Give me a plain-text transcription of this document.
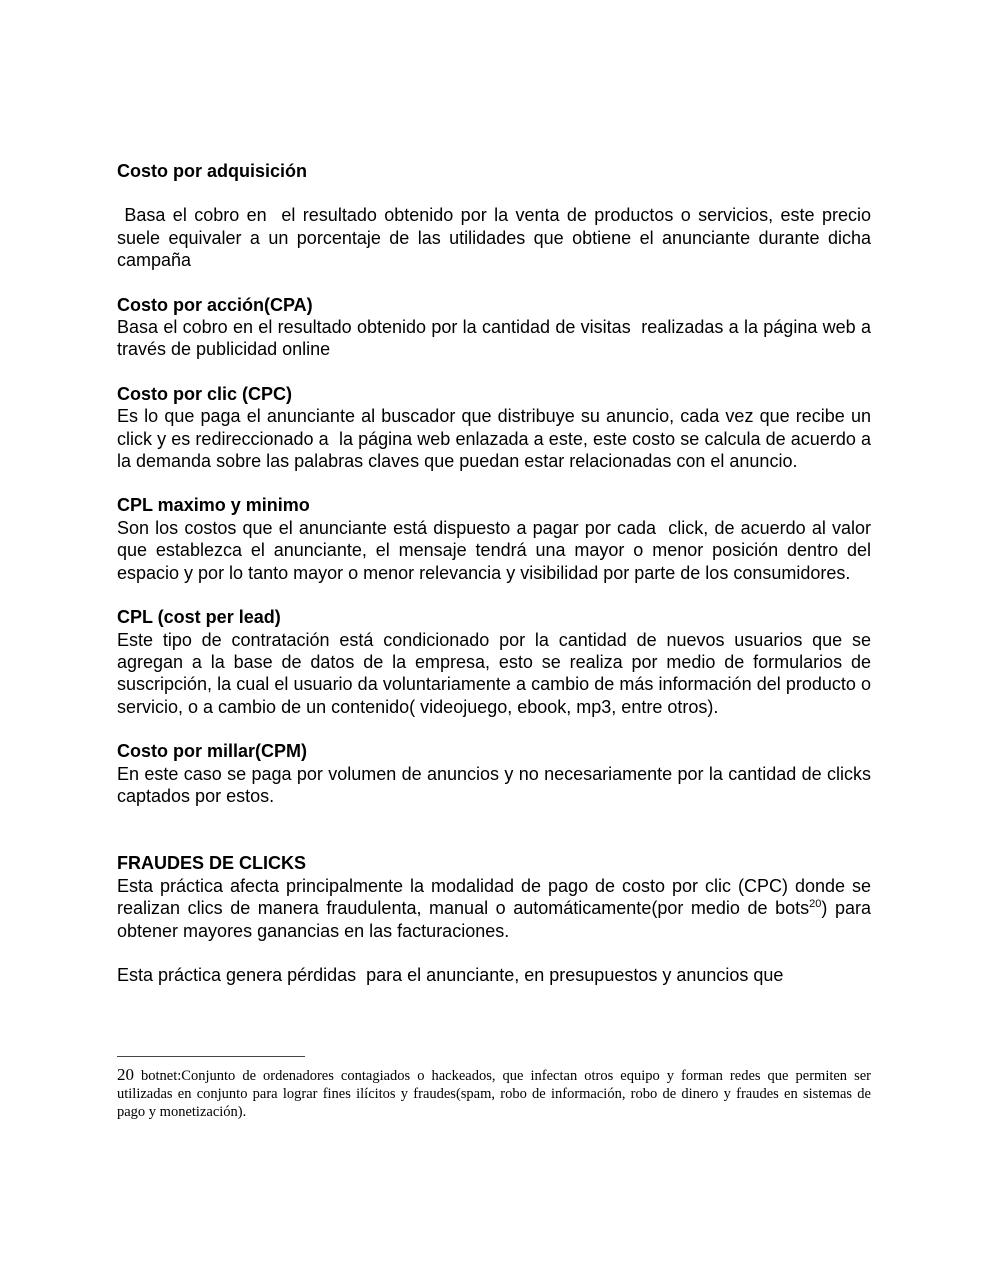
Costo por adquisición

Basa el cobro en  el resultado obtenido por la venta de productos o servicios, este precio suele equivaler a un porcentaje de las utilidades que obtiene el anunciante durante dicha campaña

Costo por acción(CPA)

Basa el cobro en el resultado obtenido por la cantidad de visitas  realizadas a la página web a través de publicidad online

Costo por clic (CPC)

Es lo que paga el anunciante al buscador que distribuye su anuncio, cada vez que recibe un click y es redireccionado a  la página web enlazada a este, este costo se calcula de acuerdo a la demanda sobre las palabras claves que puedan estar relacionadas con el anuncio.

CPL maximo y minimo

Son los costos que el anunciante está dispuesto a pagar por cada  click, de acuerdo al valor que establezca el anunciante, el mensaje tendrá una mayor o menor posición dentro del espacio y por lo tanto mayor o menor relevancia y visibilidad por parte de los consumidores.

CPL (cost per lead)

Este tipo de contratación está condicionado por la cantidad de nuevos usuarios que se agregan a la base de datos de la empresa, esto se realiza por medio de formularios de suscripción, la cual el usuario da voluntariamente a cambio de más información del producto o servicio, o a cambio de un contenido( videojuego, ebook, mp3, entre otros).

Costo por millar(CPM)

En este caso se paga por volumen de anuncios y no necesariamente por la cantidad de clicks captados por estos.

FRAUDES DE CLICKS

Esta práctica afecta principalmente la modalidad de pago de costo por clic (CPC) donde se realizan clics de manera fraudulenta, manual o automáticamente(por medio de bots$^{20}$) para obtener mayores ganancias en las facturaciones.

Esta práctica genera pérdidas  para el anunciante, en presupuestos y anuncios que

20 botnet:Conjunto de ordenadores contagiados o hackeados, que infectan otros equipo y forman redes que permiten ser utilizadas en conjunto para lograr fines ilícitos y fraudes(spam, robo de información, robo de dinero y fraudes en sistemas de pago y monetización).
